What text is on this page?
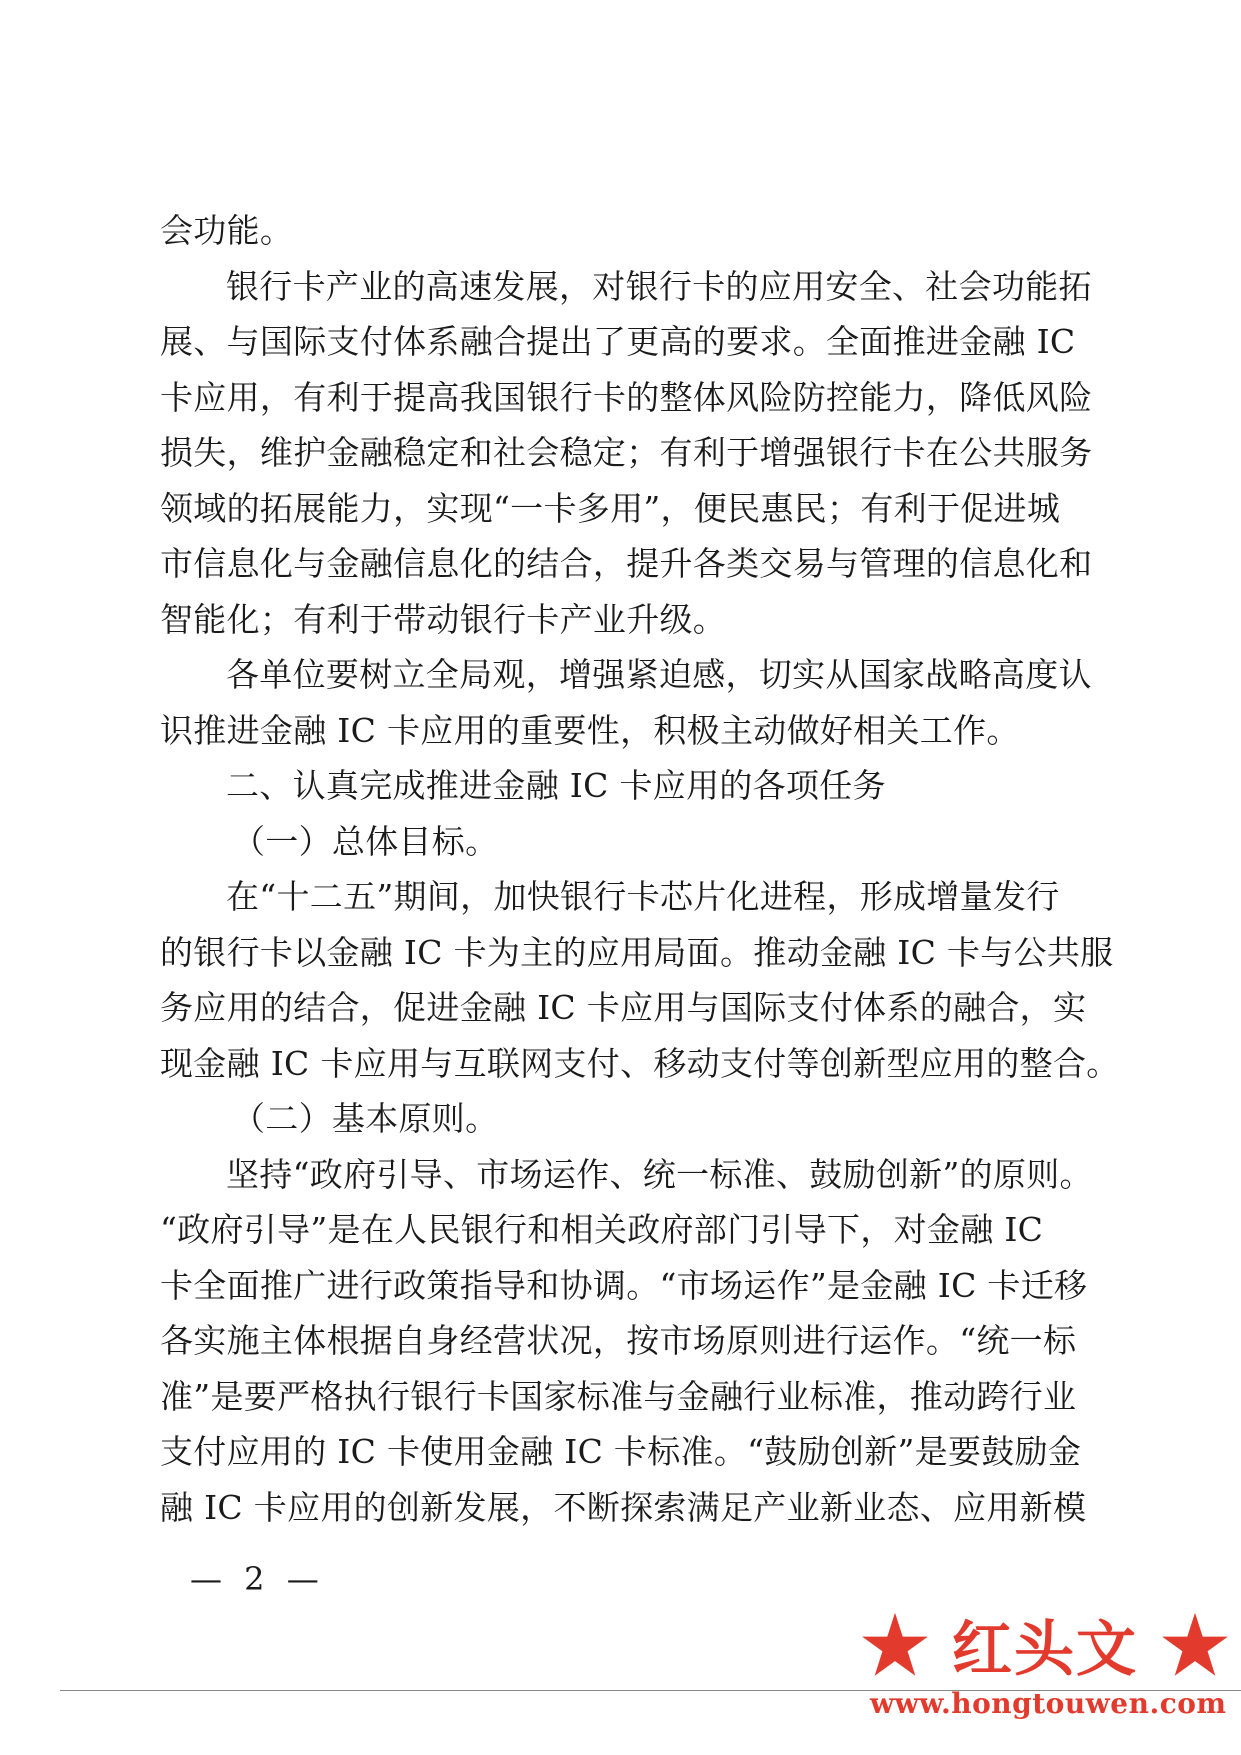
会功能。
银行卡产业的高速发展，对银行卡的应用安全、社会功能拓
展、与国际支付体系融合提出了更高的要求。全面推进金融 IC
卡应用，有利于提高我国银行卡的整体风险防控能力，降低风险
损失，维护金融稳定和社会稳定；有利于增强银行卡在公共服务
领域的拓展能力，实现“一卡多用”，便民惠民；有利于促进城
市信息化与金融信息化的结合，提升各类交易与管理的信息化和
智能化；有利于带动银行卡产业升级。
各单位要树立全局观，增强紧迫感，切实从国家战略高度认
识推进金融 IC 卡应用的重要性，积极主动做好相关工作。
二、认真完成推进金融 IC 卡应用的各项任务
（一）总体目标。
在“十二五”期间，加快银行卡芯片化进程，形成增量发行
的银行卡以金融 IC 卡为主的应用局面。推动金融 IC 卡与公共服
务应用的结合，促进金融 IC 卡应用与国际支付体系的融合，实
现金融 IC 卡应用与互联网支付、移动支付等创新型应用的整合。
（二）基本原则。
坚持“政府引导、市场运作、统一标准、鼓励创新”的原则。
“政府引导”是在人民银行和相关政府部门引导下，对金融 IC
卡全面推广进行政策指导和协调。“市场运作”是金融 IC 卡迁移
各实施主体根据自身经营状况，按市场原则进行运作。“统一标
准”是要严格执行银行卡国家标准与金融行业标准，推动跨行业
支付应用的 IC 卡使用金融 IC 卡标准。“鼓励创新”是要鼓励金
融 IC 卡应用的创新发展，不断探索满足产业新业态、应用新模
— 2 —
红头文
www.hongtouwen.com
